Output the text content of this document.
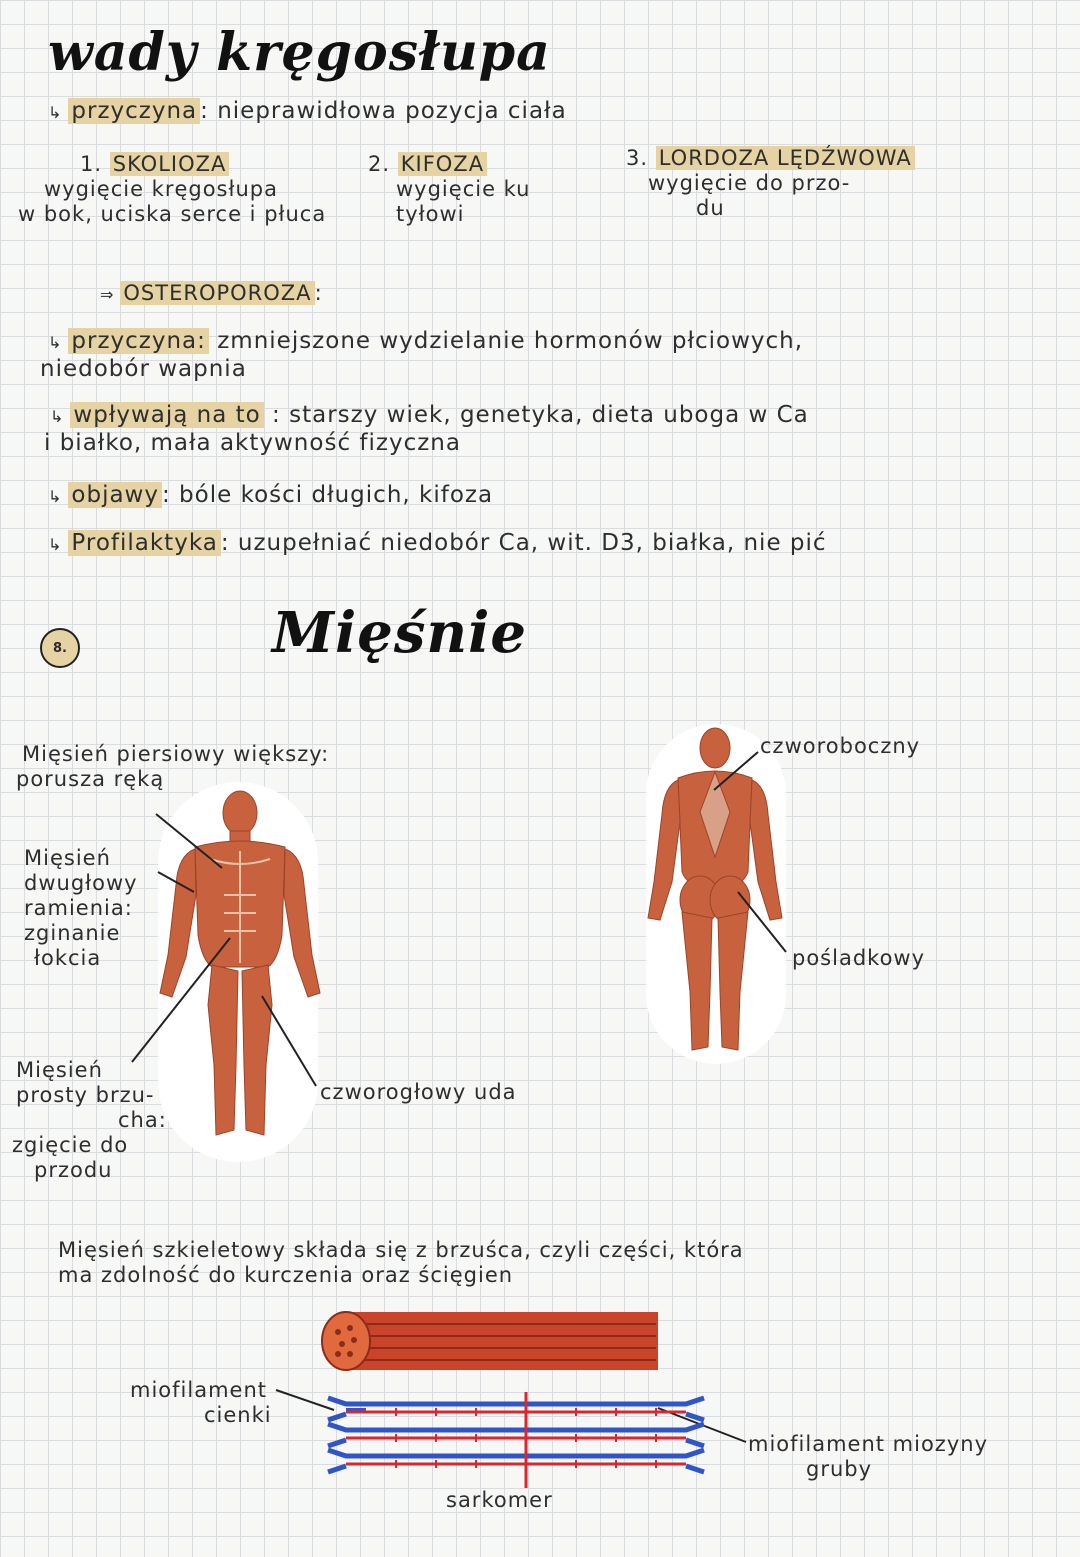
wady kręgosłupa
↳ przyczyna : nieprawidłowa pozycja ciała
1. SKOLIOZA
wygięcie kręgosłupa
w bok, uciska serce i płuca
2. KIFOZA
wygięcie ku
tyłowi
3. LORDOZA LĘDŹWOWA
wygięcie do przo-
du
⇒ OSTEROPOROZA :
↳ przyczyna: zmniejszone wydzielanie hormonów płciowych,
niedobór wapnia
↳ wpływają na to : starszy wiek, genetyka, dieta uboga w Ca
i białko, mała aktywność fizyczna
↳ objawy : bóle kości długich, kifoza
↳ Profilaktyka : uzupełniać niedobór Ca, wit. D3, białka, nie pić
8.	Mięśnie
Mięsień piersiowy większy:
porusza ręką
Mięsień
dwugłowy
ramienia:
zginanie
łokcia
Mięsień
prosty brzu-
cha:
zgięcie do
przodu
czworogłowy uda
czworoboczny
pośladkowy
Mięsień szkieletowy składa się z brzuśca, czyli części, która
ma zdolność do kurczenia oraz ścięgien
miofilament
cienki
miofilament miozyny
gruby
sarkomer
